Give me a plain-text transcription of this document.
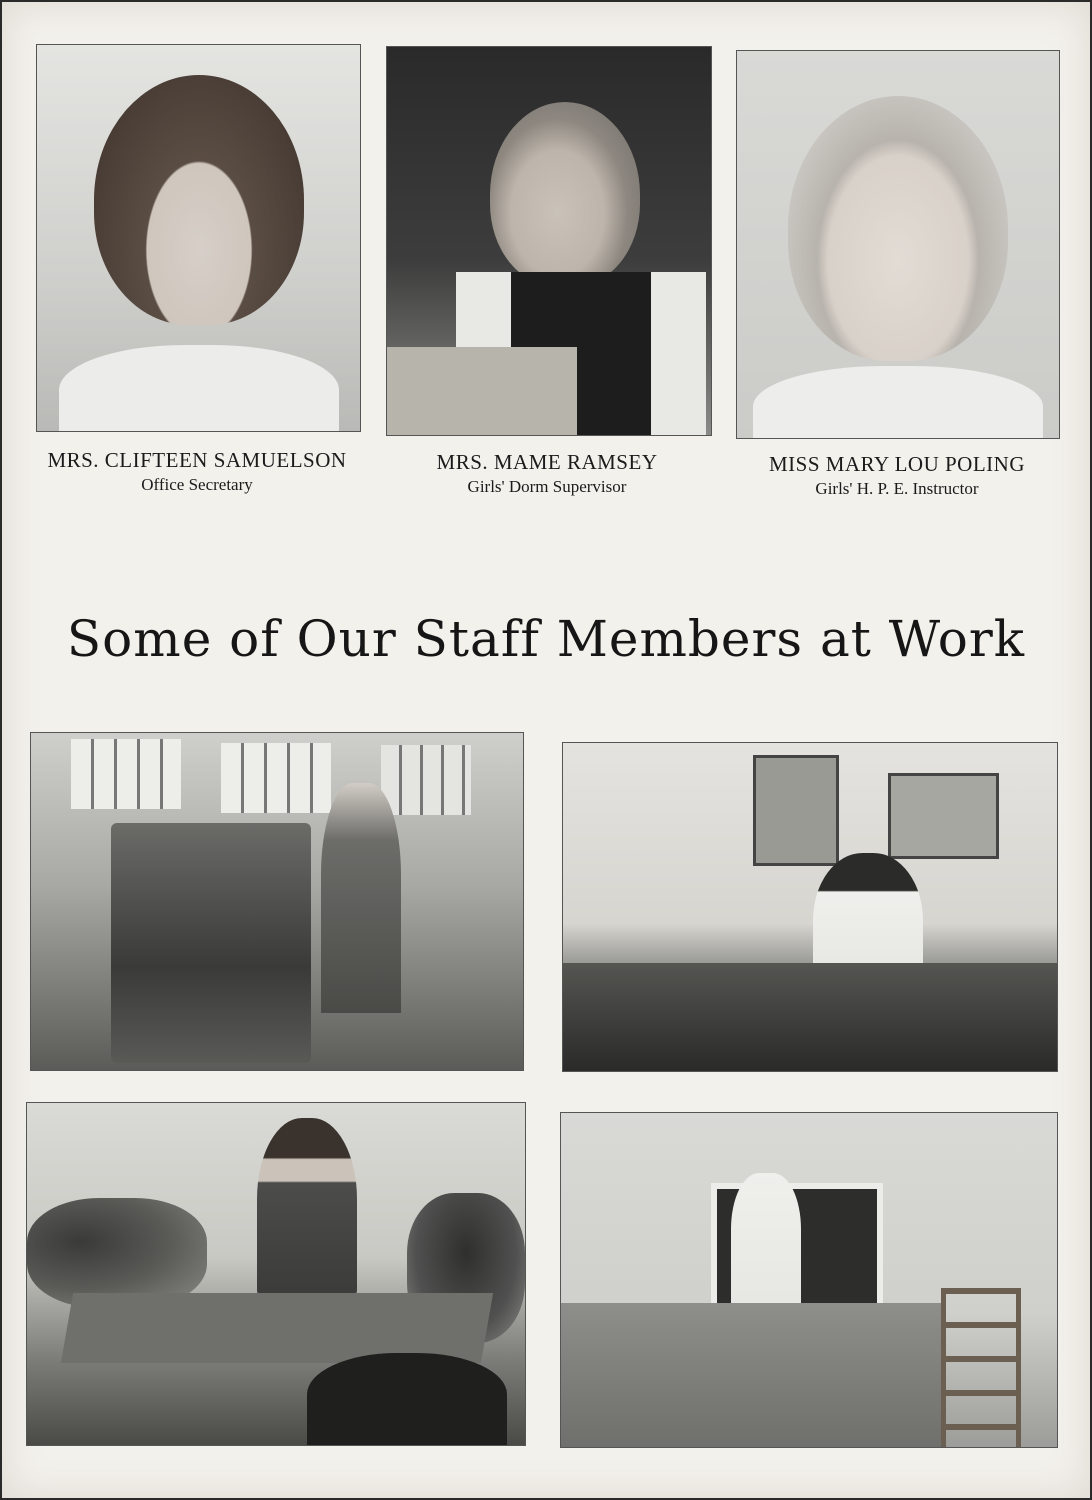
MRS. CLIFTEEN SAMUELSON
Office Secretary
MRS. MAME RAMSEY
Girls' Dorm Supervisor
MISS MARY LOU POLING
Girls' H. P. E. Instructor
Some of Our Staff Members at Work
